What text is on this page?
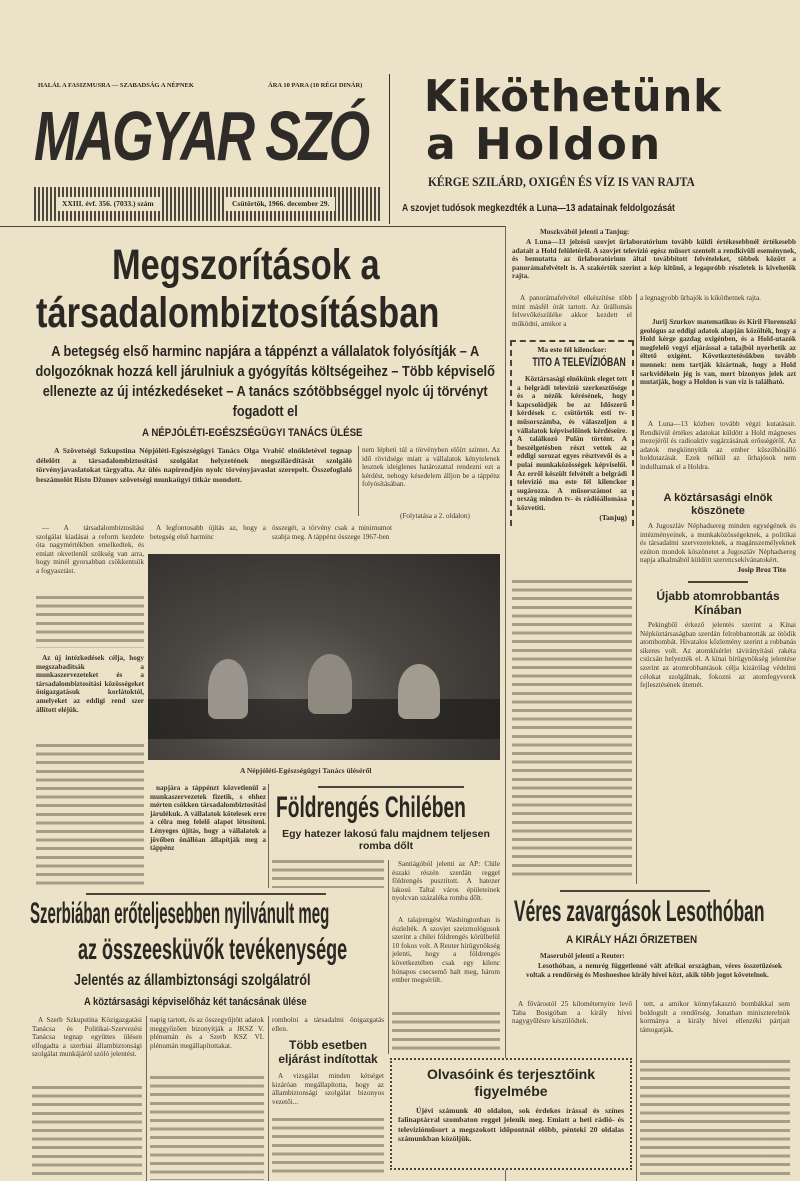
HALÁL A FASIZMUSRA — SZABADSÁG A NÉPNEK	ÁRA 10 PARA (10 RÉGI DINÁR)
MAGYAR SZÓ
XXIII. évf. 356. (7033.) szám	Csütörtök, 1966. december 29.
Kiköthetünk
a Holdon
KÉRGE SZILÁRD, OXIGÉN ÉS VÍZ IS VAN RAJTA
A szovjet tudósok megkezdték a Luna—13 adatainak feldolgozását
Moszkvából jelenti a Tanjug:
A Luna—13 jelzésű szovjet űrlaboratórium tovább küldi értékesebbnél értékesebb adatait a Hold felületéről. A szovjet televízió egész műsort szentelt a rendkívüli eseménynek, és bemutatta az űrlaboratórium által továbbított felvételeket, többek között a panorámafelvételt is. A szakértők szerint a kép kitűnő, a legapróbb részletek is kivehetők rajta.
A panorámafelvétel elkészítése több mint másfél órát tartott. Az űrállomás felvevőkészüléke akkor kezdett el működni, amikor a
a legnagyobb űrhajók is kiköthetnek rajta.
Jurij Szurkov matematikus és Kiril Florenszki geológus az eddigi adatok alapján közölték, hogy a Hold kérge gazdag oxigénben, és a Hold-utazók megfelelő vegyi eljárással a talajból nyerhetik az éltető oxigént. Következtetésükben tovább mennek: nem tartják kizártnak, hogy a Hold sarkvidékein jég is van, mert bizonyos jelek azt mutatják, hogy a Holdon is van víz is található.
A Luna—13 közben tovább végzi kutatásait. Rendkívül értékes adatokat küldött a Hold mágneses mezejéről és radioaktív sugárzásának erősségéről. Az adatok megkönnyítik az ember küszöbönálló holdutazását. Ezek nélkül az űrhajósok nem indulhatnak el a Holdra.
Ma este fél kilenckor:
TITO A TELEVÍZIÓBAN
Köztársasági elnökünk eleget tett a belgrádi televízió szerkesztősége és a nézők kérésének, hogy kapcsolódjék be az Időszerű kérdések c. csütörtök esti tv-műsorszámba, és válaszoljon a vállalatok képviselőinek kérdéseire. A találkozó Pulán történt. A beszélgetésben részt vettek az eddigi sorozat egyes résztvevői és a pulai munkaközösségek képviselői. Az erről készült felvételt a belgrádi televízió ma este fél kilenckor sugározza. A műsorszámot az ország minden tv- és rádióállomása közvetíti.
(Tanjug)
A köztársasági elnök köszönete
A Jugoszláv Néphadsereg minden egységének és intézményeinek, a munkaközösségeknek, a politikai és társadalmi szervezeteknek, a magánszemélyeknek ezúton mondok köszönetet a Jugoszláv Néphadsereg napja alkalmából küldött szerencsekívánatokért.
Josip Broz Tito
Újabb atomrobbantás Kínában
Pekingből érkező jelentés szerint a Kínai Népköztársaságban szerdán felrobbantották az ötödik atombombát. Hivatalos közlemény szerint a robbanás sikeres volt. Az atomkísérlet távirányítású rakéta csúcsán helyezték el. A kínai hírügynökség jelentése szerint az atomrobbantások célja kizárólag védelmi célokat szolgálnak, fokozni az atomfegyverek fejlesztésének ütemét.
Megszorítások a
társadalombiztosításban
A betegség első harminc napjára a táppénzt a vállalatok folyósítják – A dolgozóknak hozzá kell járulniuk a gyógyítás költségeihez – Több képviselő ellenezte az új intézkedéseket – A tanács szótöbbséggel nyolc új törvényt fogadott el
A NÉPJÓLÉTI-EGÉSZSÉGÜGYI TANÁCS ÜLÉSE
A Szövetségi Szkupstina Népjóléti-Egészségügyi Tanács Olga Vrabič elnökletével tegnap délelőtt a társadalombiztosítási szolgálat helyzetének megszilárdítását szolgáló törvényjavaslatokat tárgyalta. Az ülés napirendjén nyolc törvényjavaslat szerepelt. Összefoglaló beszámolót Risto Džunov szövetségi munkaügyi titkár mondott.
nem lépheti túl a törvényben előírt szintet. Az idő rövidsége miatt a vállalatok kénytelenek lesznek ideiglenes határozattal rendezni ezt a kérdést, nehogy késedelem álljon be a táppénz folyósításában.
(Folytatása a 2. oldalon)
— A társadalombiztosítási szolgálat kiadásai a reform kezdete óta nagymértékben emelkedtek, és emiatt okvetlenül szükség van arra, hogy minél gyorsabban csökkentsük a fogyasztást.
Az új intézkedések célja, hogy megszabadítsák a munkaszervezeteket és a társadalombiztosítási közösségeket önigazgatásuk korlátoktól, amelyeket az eddigi rend szer állított eléjük.
A legfontosabb újítás az, hogy a betegség első harminc
összegét, a törvény csak a minimumot szabja meg. A táppénz összege 1967-ben
A Népjóléti-Egészségügyi Tanács üléséről
napjára a táppénzt közvetlenül a munkaszervezetek fizetik, s ehhez mérten csökken társadalombiztosítási járulékuk. A vállalatok kötelesek erre a célra meg felelő alapot létesíteni. Lényeges újítás, hogy a vállalatok a jövőben önállóan állapítják meg a táppénz
Földrengés Chilében
Egy hatezer lakosú falu majdnem teljesen romba dőlt
Santiágóból jelenti az AP: Chile északi részén szerdán reggel földrengés pusztított. A hatezer lakosú Taltal város épületeinek nyolcvan százaléka romba dőlt.
A talajrengést Washingtonban is észlelték. A szovjet szeizmológusok szerint a chilei földrengés körülbelül 10 fokos volt. A Reuter hírügynökség jelenti, hogy a földrengés következtében csak egy kilenc hónapos csecsemő halt meg, három ember megsérült.
Szerbiában erőteljesebben nyilvánult meg
az összeesküvők tevékenysége
Jelentés az állambiztonsági szolgálatról
A köztársasági képviselőház két tanácsának ülése
A Szerb Szkupstina Közigazgatási Tanácsa és Politikai-Szervezési Tanácsa tegnap együttes ülésen elfogadta a szerbiai állambiztonsági szolgálat munkájáról szóló jelentést.
napig tartott, és az összegyűjtött adatok meggyőzően bizonyítják a JKSZ V. plénumán és a Szerb KSZ VI. plénumán megállapítottakat.
rombolni a társadalmi önigazgatás ellen.
Több esetben eljárást indítottak
A vizsgálat minden kétséget kizáróan megállapította, hogy az állambiztonsági szolgálat bizonyos vezetői...
Véres zavargások Lesothóban
A KIRÁLY HÁZI ŐRIZETBEN
Maseruból jelenti a Reuter:
Lesothóban, a nemrég függetlenné vált afrikai országban, véres összetűzések voltak a rendőrség és Moshoeshoe király hívei közt, akik több jogot követelnek.
A fővárostól 25 kilométernyire levő Taba Bosigóban a király hívei nagygyűlésre készülődtek.
tett, a amikor könnyfakasztó bombákkal sem boldogult a rendőrség. Jonathan miniszterelnök kormánya a király hívei ellenzéki pártjait támogatják.
Olvasóink és terjesztőink figyelmébe
Újévi számunk 40 oldalon, sok érdekes írással és színes falinaptárral szombaton reggel jelenik meg. Emiatt a heti rádió- és televízióműsort a megszokott időpontnál előbb, pénteki 20 oldalas számunkban közöljük.
